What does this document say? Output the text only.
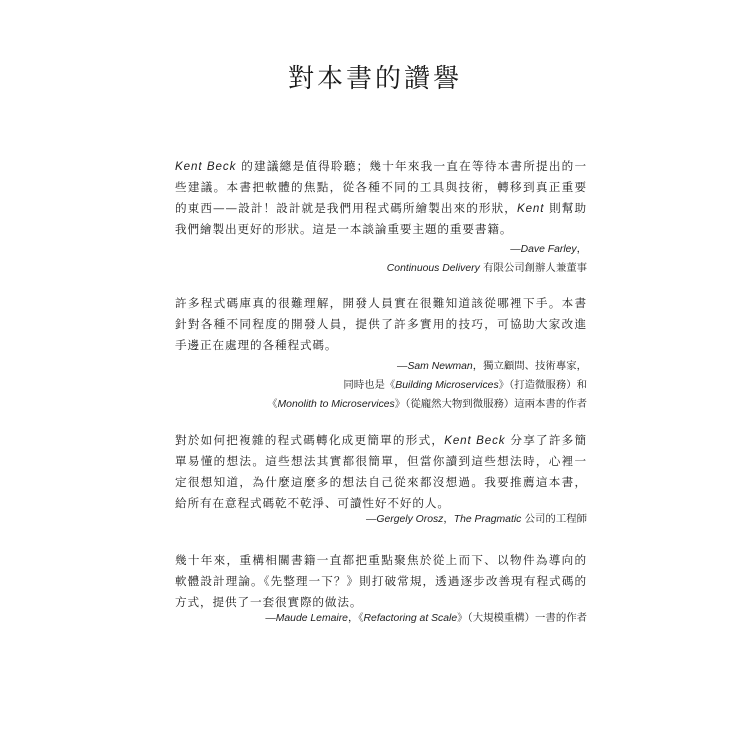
對本書的讚譽

Kent Beck 的建議總是值得聆聽；幾十年來我一直在等待本書所提出的一些建議。本書把軟體的焦點，從各種不同的工具與技術，轉移到真正重要的東西——設計！設計就是我們用程式碼所繪製出來的形狀，Kent 則幫助我們繪製出更好的形狀。這是一本談論重要主題的重要書籍。

—Dave Farley，
Continuous Delivery 有限公司創辦人兼董事

許多程式碼庫真的很難理解，開發人員實在很難知道該從哪裡下手。本書針對各種不同程度的開發人員，提供了許多實用的技巧，可協助大家改進手邊正在處理的各種程式碼。

—Sam Newman，獨立顧問、技術專家，
同時也是《Building Microservices》（打造微服務）和
《Monolith to Microservices》（從龐然大物到微服務）這兩本書的作者

對於如何把複雜的程式碼轉化成更簡單的形式，Kent Beck 分享了許多簡單易懂的想法。這些想法其實都很簡單，但當你讀到這些想法時，心裡一定很想知道，為什麼這麼多的想法自己從來都沒想過。我要推薦這本書，給所有在意程式碼乾不乾淨、可讀性好不好的人。

—Gergely Orosz，The Pragmatic 公司的工程師

幾十年來，重構相關書籍一直都把重點聚焦於從上而下、以物件為導向的軟體設計理論。《先整理一下？》則打破常規，透過逐步改善現有程式碼的方式，提供了一套很實際的做法。

—Maude Lemaire，《Refactoring at Scale》（大規模重構）一書的作者
